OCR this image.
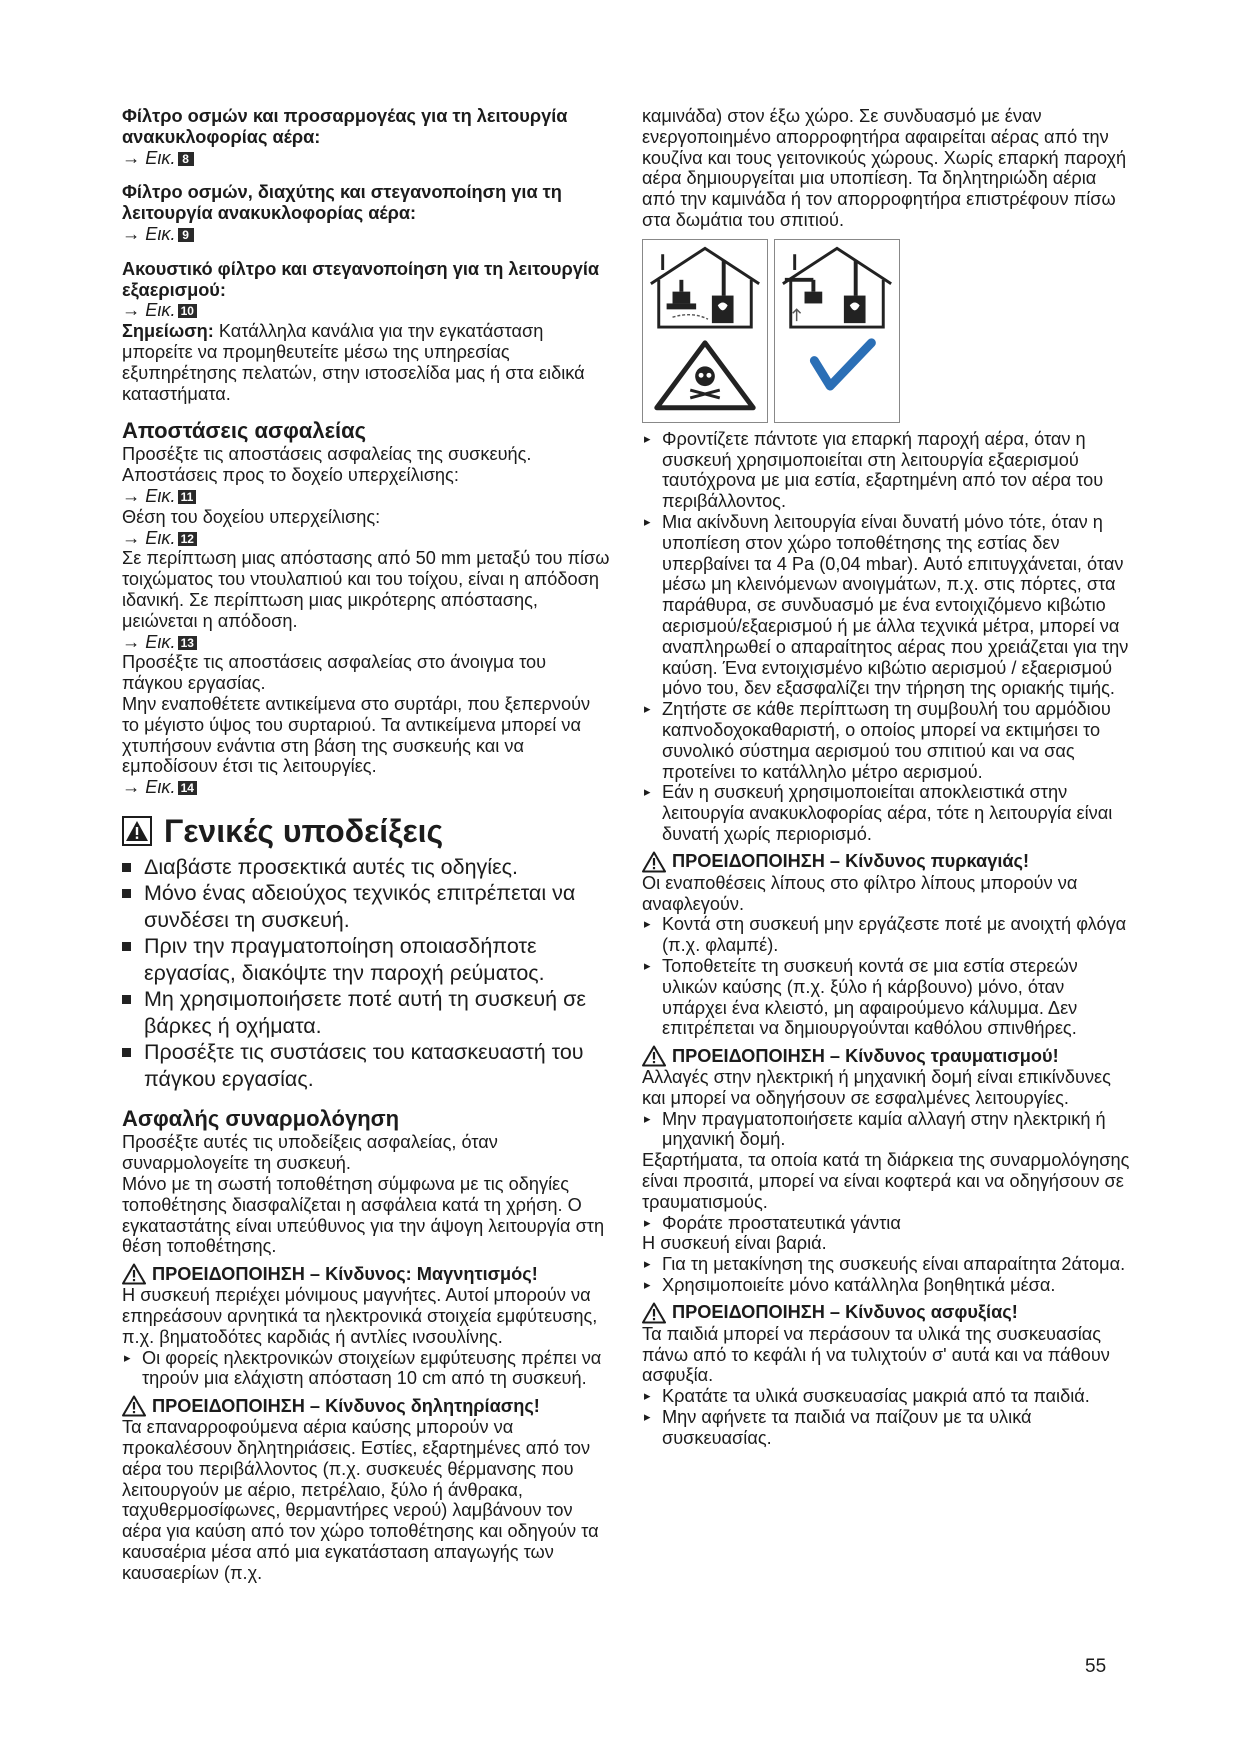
Φίλτρο οσμών και προσαρμογέας για τη λειτουργία ανακυκλοφορίας αέρα:

→ Εικ. 8

Φίλτρο οσμών, διαχύτης και στεγανοποίηση για τη λειτουργία ανακυκλοφορίας αέρα:

→ Εικ. 9

Ακουστικό φίλτρο και στεγανοποίηση για τη λειτουργία εξαερισμού:

→ Εικ. 10

Σημείωση: Κατάλληλα κανάλια για την εγκατάσταση μπορείτε να προμηθευτείτε μέσω της υπηρεσίας εξυπηρέτησης πελατών, στην ιστοσελίδα μας ή στα ειδικά καταστήματα.

Αποστάσεις ασφαλείας

Προσέξτε τις αποστάσεις ασφαλείας της συσκευής.

Αποστάσεις προς το δοχείο υπερχείλισης:

→ Εικ. 11

Θέση του δοχείου υπερχείλισης:

→ Εικ. 12

Σε περίπτωση μιας απόστασης από 50 mm μεταξύ του πίσω τοιχώματος του ντουλαπιού και του τοίχου, είναι η απόδοση ιδανική. Σε περίπτωση μιας μικρότερης απόστασης, μειώνεται η απόδοση.

→ Εικ. 13

Προσέξτε τις αποστάσεις ασφαλείας στο άνοιγμα του πάγκου εργασίας.

Μην εναποθέτετε αντικείμενα στο συρτάρι, που ξεπερνούν το μέγιστο ύψος του συρταριού. Τα αντικείμενα μπορεί να χτυπήσουν ενάντια στη βάση της συσκευής και να εμποδίσουν έτσι τις λειτουργίες.

→ Εικ. 14

Γενικές υποδείξεις
Διαβάστε προσεκτικά αυτές τις οδηγίες.
Μόνο ένας αδειούχος τεχνικός επιτρέπεται να συνδέσει τη συσκευή.
Πριν την πραγματοποίηση οποιασδήποτε εργασίας, διακόψτε την παροχή ρεύματος.
Μη χρησιμοποιήσετε ποτέ αυτή τη συσκευή σε βάρκες ή οχήματα.
Προσέξτε τις συστάσεις του κατασκευαστή του πάγκου εργασίας.
Ασφαλής συναρμολόγηση

Προσέξτε αυτές τις υποδείξεις ασφαλείας, όταν συναρμολογείτε τη συσκευή.

Μόνο με τη σωστή τοποθέτηση σύμφωνα με τις οδηγίες τοποθέτησης διασφαλίζεται η ασφάλεια κατά τη χρήση. Ο εγκαταστάτης είναι υπεύθυνος για την άψογη λειτουργία στη θέση τοποθέτησης.

ΠΡΟΕΙΔΟΠΟΙΗΣΗ – Κίνδυνος: Μαγνητισμός!

Η συσκευή περιέχει μόνιμους μαγνήτες. Αυτοί μπορούν να επηρεάσουν αρνητικά τα ηλεκτρονικά στοιχεία εμφύτευσης, π.χ. βηματοδότες καρδιάς ή αντλίες ινσουλίνης.

▸ Οι φορείς ηλεκτρονικών στοιχείων εμφύτευσης πρέπει να τηρούν μια ελάχιστη απόσταση 10 cm από τη συσκευή.
ΠΡΟΕΙΔΟΠΟΙΗΣΗ – Κίνδυνος δηλητηρίασης!

Τα επαναρροφούμενα αέρια καύσης μπορούν να προκαλέσουν δηλητηριάσεις. Εστίες, εξαρτημένες από τον αέρα του περιβάλλοντος (π.χ. συσκευές θέρμανσης που λειτουργούν με αέριο, πετρέλαιο, ξύλο ή άνθρακα, ταχυθερμοσίφωνες, θερμαντήρες νερού) λαμβάνουν τον αέρα για καύση από τον χώρο τοποθέτησης και οδηγούν τα καυσαέρια μέσα από μια εγκατάσταση απαγωγής των καυσαερίων (π.χ.

καμινάδα) στον έξω χώρο. Σε συνδυασμό με έναν ενεργοποιημένο απορροφητήρα αφαιρείται αέρας από την κουζίνα και τους γειτονικούς χώρους. Χωρίς επαρκή παροχή αέρα δημιουργείται μια υποπίεση. Τα δηλητηριώδη αέρια από την καμινάδα ή τον απορροφητήρα επιστρέφουν πίσω στα δωμάτια του σπιτιού.

▸ Φροντίζετε πάντοτε για επαρκή παροχή αέρα, όταν η συσκευή χρησιμοποιείται στη λειτουργία εξαερισμού ταυτόχρονα με μια εστία, εξαρτημένη από τον αέρα του περιβάλλοντος.
▸ Μια ακίνδυνη λειτουργία είναι δυνατή μόνο τότε, όταν η υποπίεση στον χώρο τοποθέτησης της εστίας δεν υπερβαίνει τα 4 Pa (0,04 mbar). Αυτό επιτυγχάνεται, όταν μέσω μη κλεινόμενων ανοιγμάτων, π.χ. στις πόρτες, στα παράθυρα, σε συνδυασμό με ένα εντοιχιζόμενο κιβώτιο αερισμού/εξαερισμού ή με άλλα τεχνικά μέτρα, μπορεί να αναπληρωθεί ο απαραίτητος αέρας που χρειάζεται για την καύση. Ένα εντοιχισμένο κιβώτιο αερισμού / εξαερισμού μόνο του, δεν εξασφαλίζει την τήρηση της οριακής τιμής.
▸ Ζητήστε σε κάθε περίπτωση τη συμβουλή του αρμόδιου καπνοδοχοκαθαριστή, ο οποίος μπορεί να εκτιμήσει το συνολικό σύστημα αερισμού του σπιτιού και να σας προτείνει το κατάλληλο μέτρο αερισμού.
▸ Εάν η συσκευή χρησιμοποιείται αποκλειστικά στην λειτουργία ανακυκλοφορίας αέρα, τότε η λειτουργία είναι δυνατή χωρίς περιορισμό.
ΠΡΟΕΙΔΟΠΟΙΗΣΗ – Κίνδυνος πυρκαγιάς!

Οι εναποθέσεις λίπους στο φίλτρο λίπους μπορούν να αναφλεγούν.

▸ Κοντά στη συσκευή μην εργάζεστε ποτέ με ανοιχτή φλόγα (π.χ. φλαμπέ).
▸ Τοποθετείτε τη συσκευή κοντά σε μια εστία στερεών υλικών καύσης (π.χ. ξύλο ή κάρβουνο) μόνο, όταν υπάρχει ένα κλειστό, μη αφαιρούμενο κάλυμμα. Δεν επιτρέπεται να δημιουργούνται καθόλου σπινθήρες.
ΠΡΟΕΙΔΟΠΟΙΗΣΗ – Κίνδυνος τραυματισμού!

Αλλαγές στην ηλεκτρική ή μηχανική δομή είναι επικίνδυνες και μπορεί να οδηγήσουν σε εσφαλμένες λειτουργίες.

▸ Μην πραγματοποιήσετε καμία αλλαγή στην ηλεκτρική ή μηχανική δομή.

Εξαρτήματα, τα οποία κατά τη διάρκεια της συναρμολόγησης είναι προσιτά, μπορεί να είναι κοφτερά και να οδηγήσουν σε τραυματισμούς.

▸ Φοράτε προστατευτικά γάντια

Η συσκευή είναι βαριά.

▸ Για τη μετακίνηση της συσκευής είναι απαραίτητα 2άτομα.
▸ Χρησιμοποιείτε μόνο κατάλληλα βοηθητικά μέσα.
ΠΡΟΕΙΔΟΠΟΙΗΣΗ – Κίνδυνος ασφυξίας!

Τα παιδιά μπορεί να περάσουν τα υλικά της συσκευασίας πάνω από το κεφάλι ή να τυλιχτούν σ' αυτά και να πάθουν ασφυξία.

▸ Κρατάτε τα υλικά συσκευασίας μακριά από τα παιδιά.
▸ Μην αφήνετε τα παιδιά να παίζουν με τα υλικά συσκευασίας.
55
